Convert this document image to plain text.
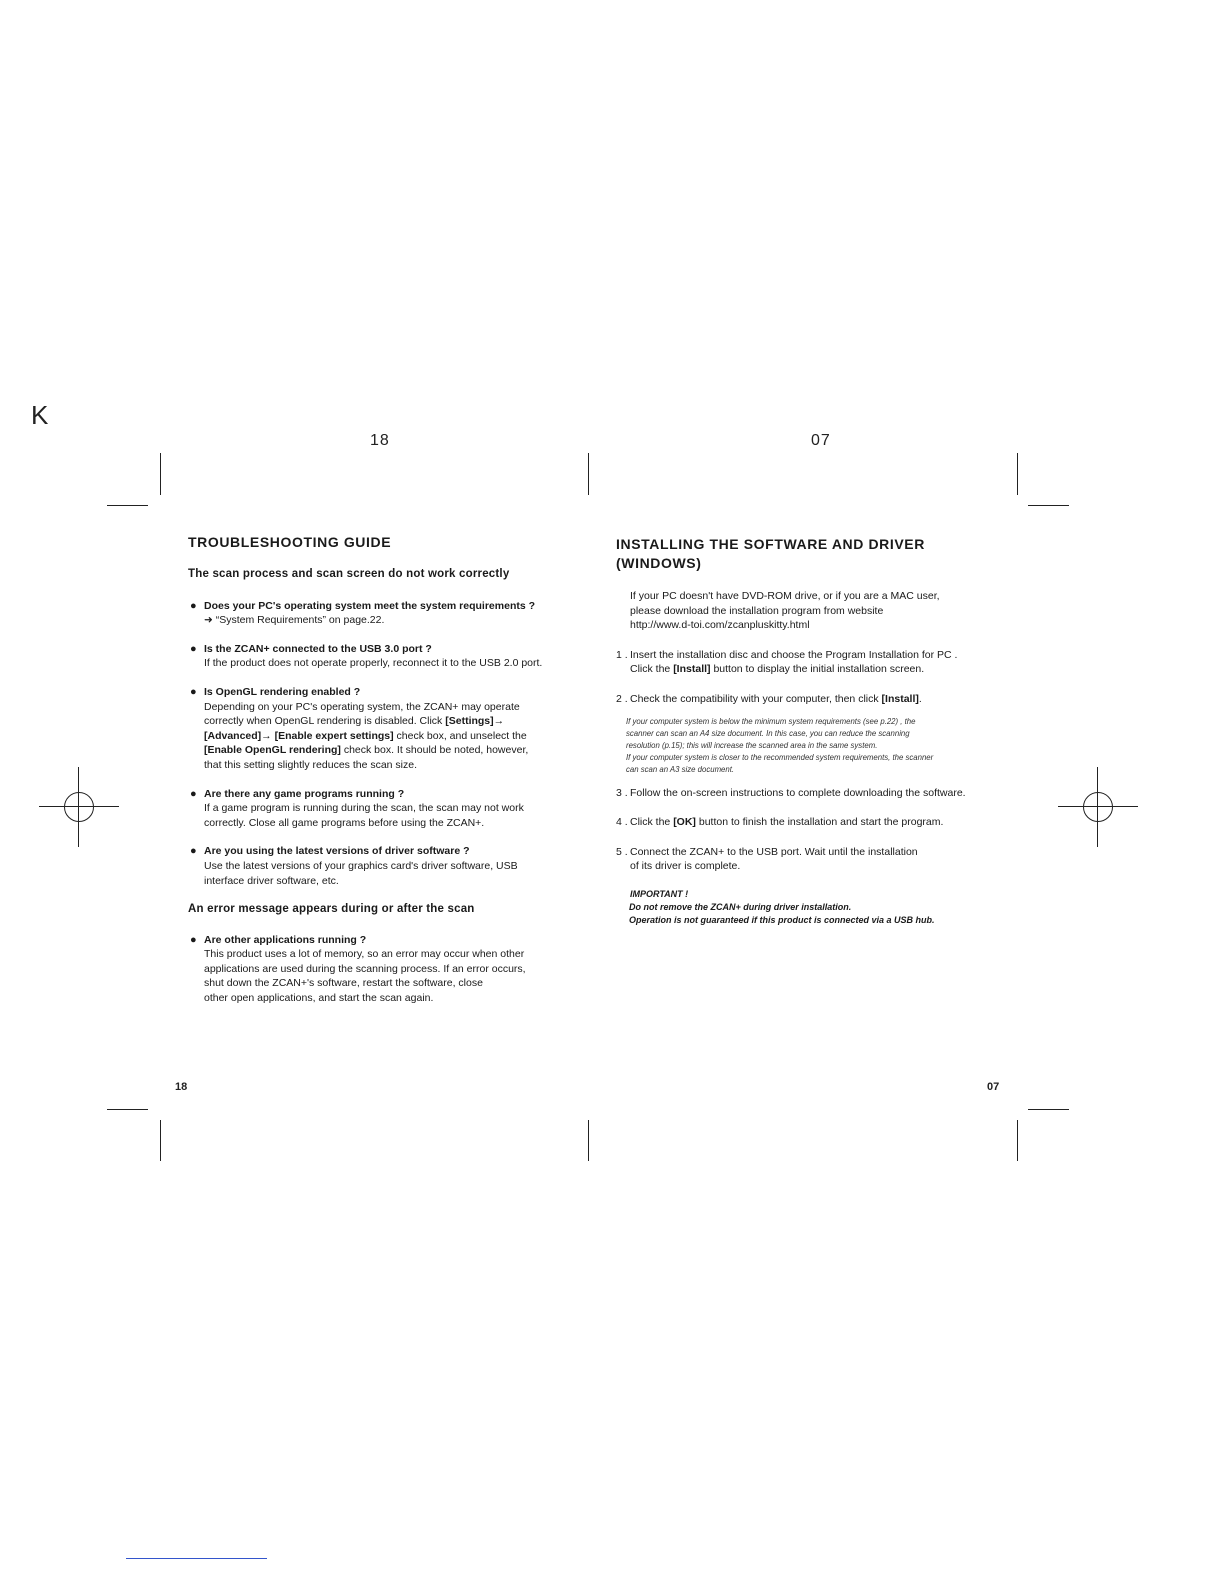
K
18	07
18	07
TROUBLESHOOTING GUIDE
The scan process and scan screen do not work correctly
● Does your PC's operating system meet the system requirements ?
➜ “System Requirements” on page.22.
● Is the ZCAN+ connected to the USB 3.0 port ?
If the product does not operate properly, reconnect it to the USB 2.0 port.
● Is OpenGL rendering enabled ?
Depending on your PC's operating system, the ZCAN+ may operate
correctly when OpenGL rendering is disabled. Click [Settings]→
[Advanced]→ [Enable expert settings] check box, and unselect the
[Enable OpenGL rendering] check box. It should be noted, however,
that this setting slightly reduces the scan size.
● Are there any game programs running ?
If a game program is running during the scan, the scan may not work
correctly. Close all game programs before using the ZCAN+.
● Are you using the latest versions of driver software ?
Use the latest versions of your graphics card's driver software, USB
interface driver software, etc.
An error message appears during or after the scan
● Are other applications running ?
This product uses a lot of memory, so an error may occur when other
applications are used during the scanning process. If an error occurs,
shut down the ZCAN+'s software, restart the software, close
other open applications, and start the scan again.
INSTALLING THE SOFTWARE AND DRIVER
(WINDOWS)
If your PC doesn't have DVD-ROM drive, or if you are a MAC user,
please download the installation program from website
http://www.d-toi.com/zcanpluskitty.html
1 . Insert the installation disc and choose the Program Installation for PC .
Click the [Install] button to display the initial installation screen.
2 . Check the compatibility with your computer, then click [Install].
If your computer system is below the minimum system requirements (see p.22) , the
scanner can scan an A4 size document. In this case, you can reduce the scanning
resolution (p.15); this will increase the scanned area in the same system.
If your computer system is closer to the recommended system requirements, the scanner
can scan an A3 size document.
3 . Follow the on-screen instructions to complete downloading the software.
4 . Click the [OK] button to finish the installation and start the program.
5 . Connect the ZCAN+ to the USB port. Wait until the installation
of its driver is complete.
IMPORTANT !
Do not remove the ZCAN+ during driver installation.
Operation is not guaranteed if this product is connected via a USB hub.
